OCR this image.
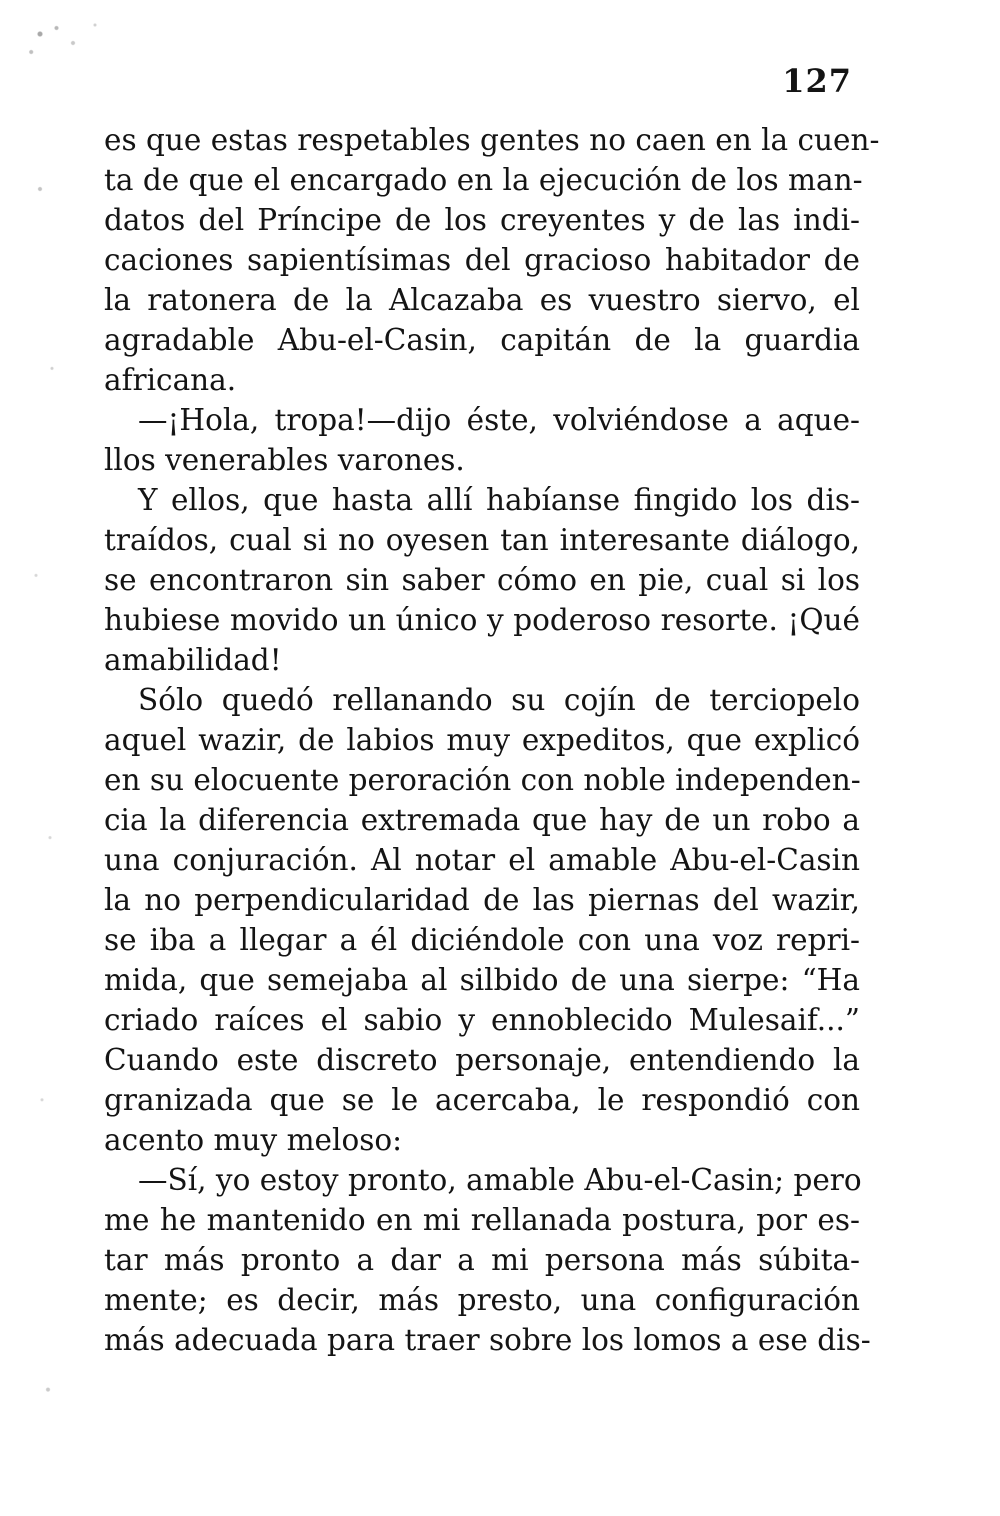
127
es que estas respetables gentes no caen en la cuen-
ta de que el encargado en la ejecución de los man-
datos del Príncipe de los creyentes y de las indi-
caciones sapientísimas del gracioso habitador de
la ratonera de la Alcazaba es vuestro siervo, el
agradable Abu-el-Casin, capitán de la guardia
africana.
—¡Hola, tropa!—dijo éste, volviéndose a aque-
llos venerables varones.
Y ellos, que hasta allí habíanse fingido los dis-
traídos, cual si no oyesen tan interesante diálogo,
se encontraron sin saber cómo en pie, cual si los
hubiese movido un único y poderoso resorte. ¡Qué
amabilidad!
Sólo quedó rellanando su cojín de terciopelo
aquel wazir, de labios muy expeditos, que explicó
en su elocuente peroración con noble independen-
cia la diferencia extremada que hay de un robo a
una conjuración. Al notar el amable Abu-el-Casin
la no perpendicularidad de las piernas del wazir,
se iba a llegar a él diciéndole con una voz repri-
mida, que semejaba al silbido de una sierpe: “Ha
criado raíces el sabio y ennoblecido Mulesaif...”
Cuando este discreto personaje, entendiendo la
granizada que se le acercaba, le respondió con
acento muy meloso:
—Sí, yo estoy pronto, amable Abu-el-Casin; pero
me he mantenido en mi rellanada postura, por es-
tar más pronto a dar a mi persona más súbita-
mente; es decir, más presto, una configuración
más adecuada para traer sobre los lomos a ese dis-
